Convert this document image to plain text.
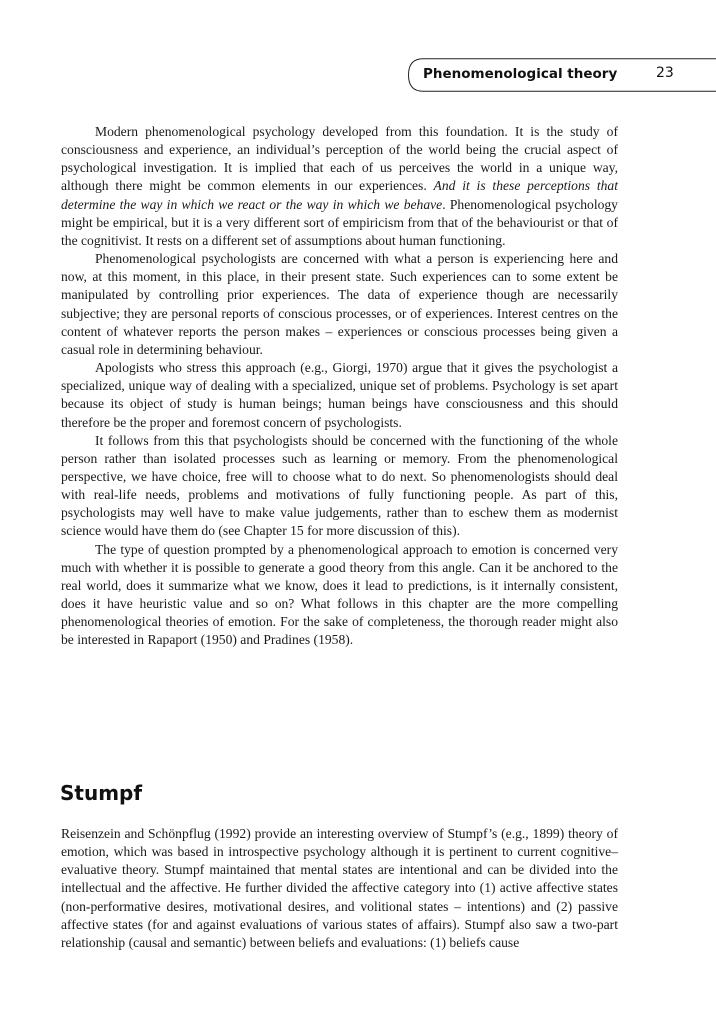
Phenomenological theory	23

Modern phenomenological psychology developed from this foundation. It is the study of consciousness and experience, an individual’s perception of the world being the crucial aspect of psychological investigation. It is implied that each of us perceives the world in a unique way, although there might be common elements in our experiences. And it is these perceptions that determine the way in which we react or the way in which we behave. Phenomenological psychology might be empirical, but it is a very different sort of empiricism from that of the behaviourist or that of the cognitivist. It rests on a different set of assumptions about human functioning.

Phenomenological psychologists are concerned with what a person is experiencing here and now, at this moment, in this place, in their present state. Such experiences can to some extent be manipulated by controlling prior experiences. The data of experience though are necessarily subjective; they are personal reports of conscious processes, or of experiences. Interest centres on the content of whatever reports the person makes – experiences or conscious processes being given a casual role in determining behaviour.

Apologists who stress this approach (e.g., Giorgi, 1970) argue that it gives the psychologist a specialized, unique way of dealing with a specialized, unique set of problems. Psychology is set apart because its object of study is human beings; human beings have consciousness and this should therefore be the proper and foremost concern of psychologists.

It follows from this that psychologists should be concerned with the functioning of the whole person rather than isolated processes such as learning or memory. From the phenomenological perspective, we have choice, free will to choose what to do next. So phenomenologists should deal with real-life needs, problems and motivations of fully functioning people. As part of this, psychologists may well have to make value judgements, rather than to eschew them as modernist science would have them do (see Chapter 15 for more discussion of this).

The type of question prompted by a phenomenological approach to emotion is concerned very much with whether it is possible to generate a good theory from this angle. Can it be anchored to the real world, does it summarize what we know, does it lead to predictions, is it internally consistent, does it have heuristic value and so on? What follows in this chapter are the more compelling phenomenological theories of emotion. For the sake of completeness, the thorough reader might also be interested in Rapaport (1950) and Pradines (1958).

Stumpf

Reisenzein and Schönpflug (1992) provide an interesting overview of Stumpf’s (e.g., 1899) theory of emotion, which was based in introspective psychology although it is pertinent to current cognitive–evaluative theory. Stumpf maintained that mental states are intentional and can be divided into the intellectual and the affective. He further divided the affective category into (1) active affective states (non-performative desires, motivational desires, and volitional states – intentions) and (2) passive affective states (for and against evaluations of various states of affairs). Stumpf also saw a two-part relationship (causal and semantic) between beliefs and evaluations: (1) beliefs cause
